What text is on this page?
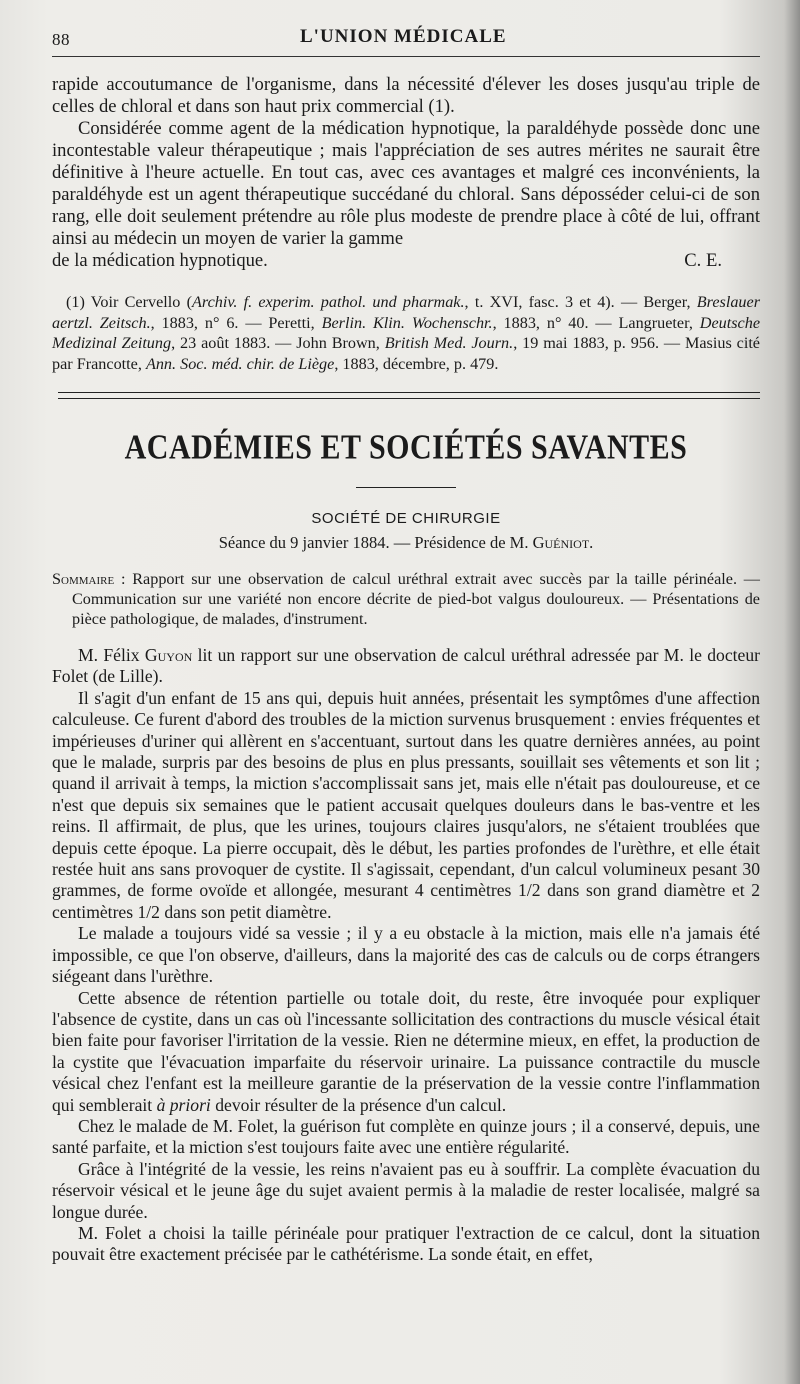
88	L'UNION MÉDICALE

rapide accoutumance de l'organisme, dans la nécessité d'élever les doses jusqu'au triple de celles de chloral et dans son haut prix commercial (1).

Considérée comme agent de la médication hypnotique, la paraldéhyde possède donc une incontestable valeur thérapeutique ; mais l'appréciation de ses autres mérites ne saurait être définitive à l'heure actuelle. En tout cas, avec ces avantages et malgré ces inconvénients, la paraldéhyde est un agent thérapeutique succédané du chloral. Sans déposséder celui-ci de son rang, elle doit seulement prétendre au rôle plus modeste de prendre place à côté de lui, offrant ainsi au médecin un moyen de varier la gamme

de la médication hypnotique.	C. E.

(1) Voir Cervello (Archiv. f. experim. pathol. und pharmak., t. XVI, fasc. 3 et 4). — Berger, Breslauer aertzl. Zeitsch., 1883, n° 6. — Peretti, Berlin. Klin. Wochenschr., 1883, n° 40. — Langrueter, Deutsche Medizinal Zeitung, 23 août 1883. — John Brown, British Med. Journ., 19 mai 1883, p. 956. — Masius cité par Francotte, Ann. Soc. méd. chir. de Liège, 1883, décembre, p. 479.

ACADÉMIES ET SOCIÉTÉS SAVANTES
SOCIÉTÉ DE CHIRURGIE
Séance du 9 janvier 1884. — Présidence de M. Guéniot.

Sommaire : Rapport sur une observation de calcul uréthral extrait avec succès par la taille périnéale. — Communication sur une variété non encore décrite de pied-bot valgus douloureux. — Présentations de pièce pathologique, de malades, d'instrument.

M. Félix Guyon lit un rapport sur une observation de calcul uréthral adressée par M. le docteur Folet (de Lille).

Il s'agit d'un enfant de 15 ans qui, depuis huit années, présentait les symptômes d'une affection calculeuse. Ce furent d'abord des troubles de la miction survenus brusquement : envies fréquentes et impérieuses d'uriner qui allèrent en s'accentuant, surtout dans les quatre dernières années, au point que le malade, surpris par des besoins de plus en plus pressants, souillait ses vêtements et son lit ; quand il arrivait à temps, la miction s'accomplissait sans jet, mais elle n'était pas douloureuse, et ce n'est que depuis six semaines que le patient accusait quelques douleurs dans le bas-ventre et les reins. Il affirmait, de plus, que les urines, toujours claires jusqu'alors, ne s'étaient troublées que depuis cette époque. La pierre occupait, dès le début, les parties profondes de l'urèthre, et elle était restée huit ans sans provoquer de cystite. Il s'agissait, cependant, d'un calcul volumineux pesant 30 grammes, de forme ovoïde et allongée, mesurant 4 centimètres 1/2 dans son grand diamètre et 2 centimètres 1/2 dans son petit diamètre.

Le malade a toujours vidé sa vessie ; il y a eu obstacle à la miction, mais elle n'a jamais été impossible, ce que l'on observe, d'ailleurs, dans la majorité des cas de calculs ou de corps étrangers siégeant dans l'urèthre.

Cette absence de rétention partielle ou totale doit, du reste, être invoquée pour expliquer l'absence de cystite, dans un cas où l'incessante sollicitation des contractions du muscle vésical était bien faite pour favoriser l'irritation de la vessie. Rien ne détermine mieux, en effet, la production de la cystite que l'évacuation imparfaite du réservoir urinaire. La puissance contractile du muscle vésical chez l'enfant est la meilleure garantie de la préservation de la vessie contre l'inflammation qui semblerait à priori devoir résulter de la présence d'un calcul.

Chez le malade de M. Folet, la guérison fut complète en quinze jours ; il a conservé, depuis, une santé parfaite, et la miction s'est toujours faite avec une entière régularité.

Grâce à l'intégrité de la vessie, les reins n'avaient pas eu à souffrir. La complète évacuation du réservoir vésical et le jeune âge du sujet avaient permis à la maladie de rester localisée, malgré sa longue durée.

M. Folet a choisi la taille périnéale pour pratiquer l'extraction de ce calcul, dont la situation pouvait être exactement précisée par le cathétérisme. La sonde était, en effet,
